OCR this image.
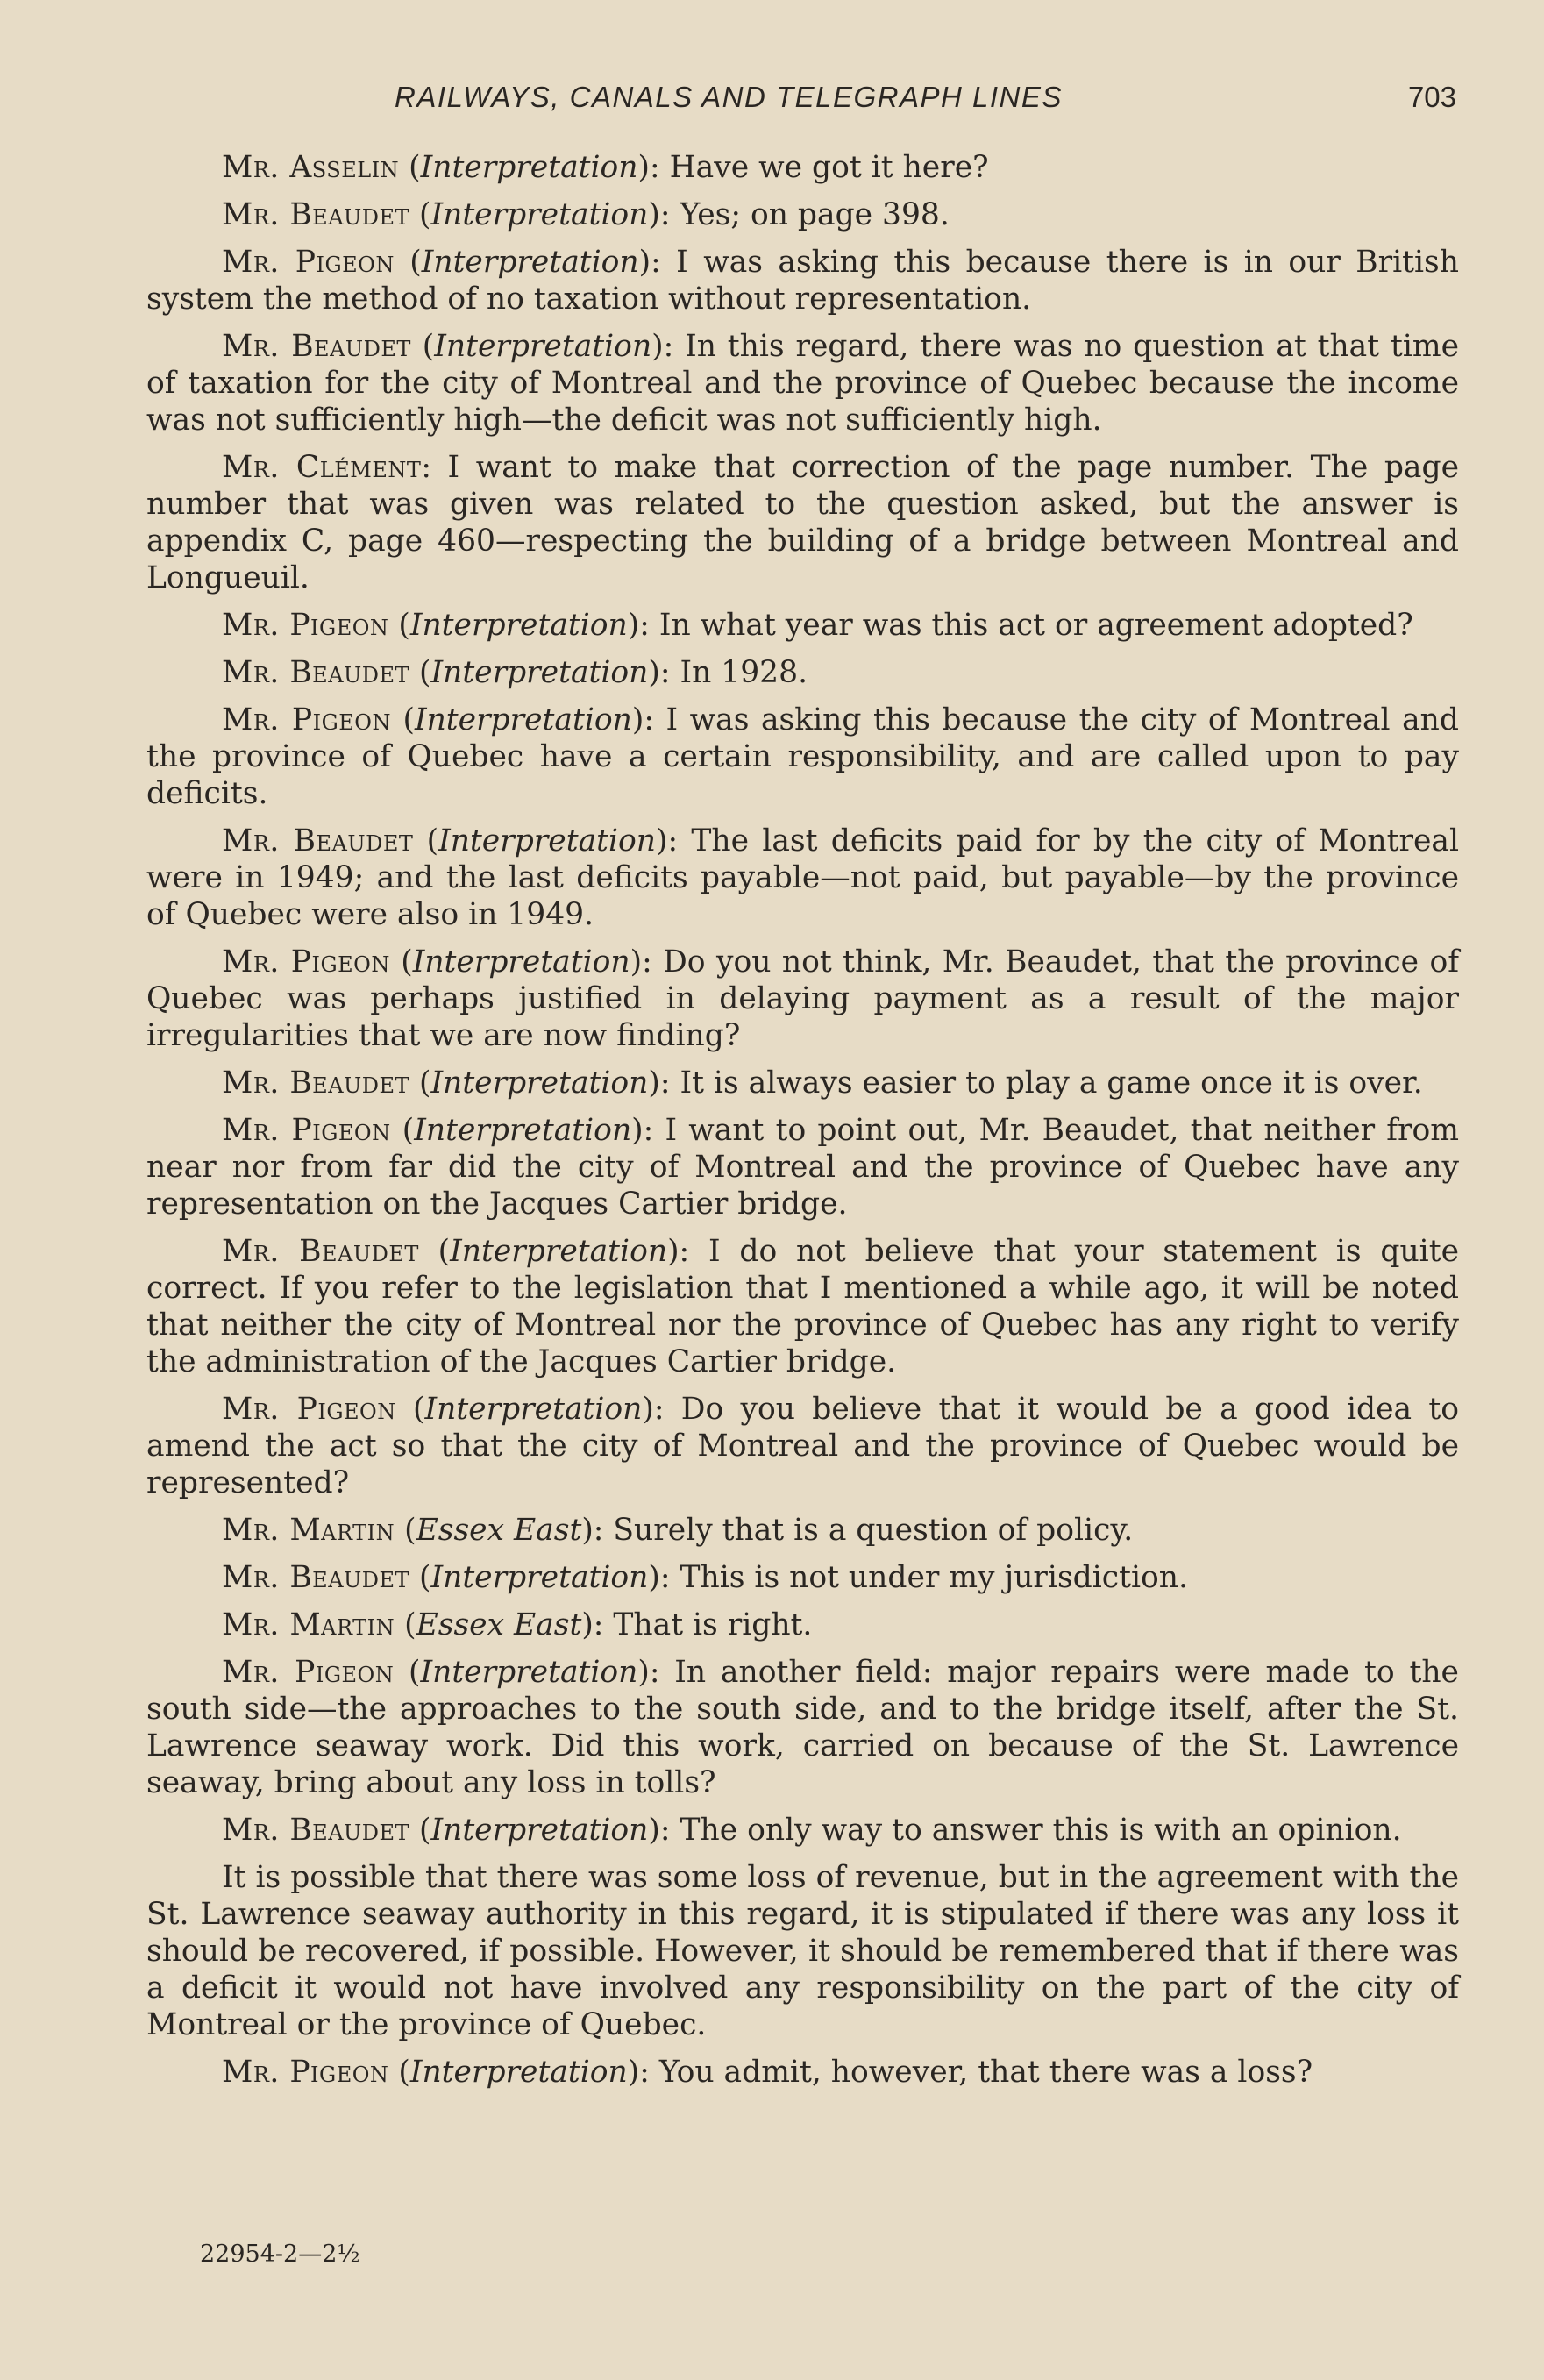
RAILWAYS, CANALS AND TELEGRAPH LINES	703

Mr. Asselin (Interpretation): Have we got it here?

Mr. Beaudet (Interpretation): Yes; on page 398.

Mr. Pigeon (Interpretation): I was asking this because there is in our British system the method of no taxation without representation.

Mr. Beaudet (Interpretation): In this regard, there was no question at that time of taxation for the city of Montreal and the province of Quebec because the income was not sufficiently high—the deficit was not sufficiently high.

Mr. Clément: I want to make that correction of the page number. The page number that was given was related to the question asked, but the answer is appendix C, page 460—respecting the building of a bridge between Montreal and Longueuil.

Mr. Pigeon (Interpretation): In what year was this act or agreement adopted?

Mr. Beaudet (Interpretation): In 1928.

Mr. Pigeon (Interpretation): I was asking this because the city of Montreal and the province of Quebec have a certain responsibility, and are called upon to pay deficits.

Mr. Beaudet (Interpretation): The last deficits paid for by the city of Montreal were in 1949; and the last deficits payable—not paid, but payable—by the province of Quebec were also in 1949.

Mr. Pigeon (Interpretation): Do you not think, Mr. Beaudet, that the province of Quebec was perhaps justified in delaying payment as a result of the major irregularities that we are now finding?

Mr. Beaudet (Interpretation): It is always easier to play a game once it is over.

Mr. Pigeon (Interpretation): I want to point out, Mr. Beaudet, that neither from near nor from far did the city of Montreal and the province of Quebec have any representation on the Jacques Cartier bridge.

Mr. Beaudet (Interpretation): I do not believe that your statement is quite correct. If you refer to the legislation that I mentioned a while ago, it will be noted that neither the city of Montreal nor the province of Quebec has any right to verify the administration of the Jacques Cartier bridge.

Mr. Pigeon (Interpretation): Do you believe that it would be a good idea to amend the act so that the city of Montreal and the province of Quebec would be represented?

Mr. Martin (Essex East): Surely that is a question of policy.

Mr. Beaudet (Interpretation): This is not under my jurisdiction.

Mr. Martin (Essex East): That is right.

Mr. Pigeon (Interpretation): In another field: major repairs were made to the south side—the approaches to the south side, and to the bridge itself, after the St. Lawrence seaway work. Did this work, carried on because of the St. Lawrence seaway, bring about any loss in tolls?

Mr. Beaudet (Interpretation): The only way to answer this is with an opinion.

It is possible that there was some loss of revenue, but in the agreement with the St. Lawrence seaway authority in this regard, it is stipulated if there was any loss it should be recovered, if possible. However, it should be remembered that if there was a deficit it would not have involved any responsibility on the part of the city of Montreal or the province of Quebec.

Mr. Pigeon (Interpretation): You admit, however, that there was a loss?

22954-2—2½
